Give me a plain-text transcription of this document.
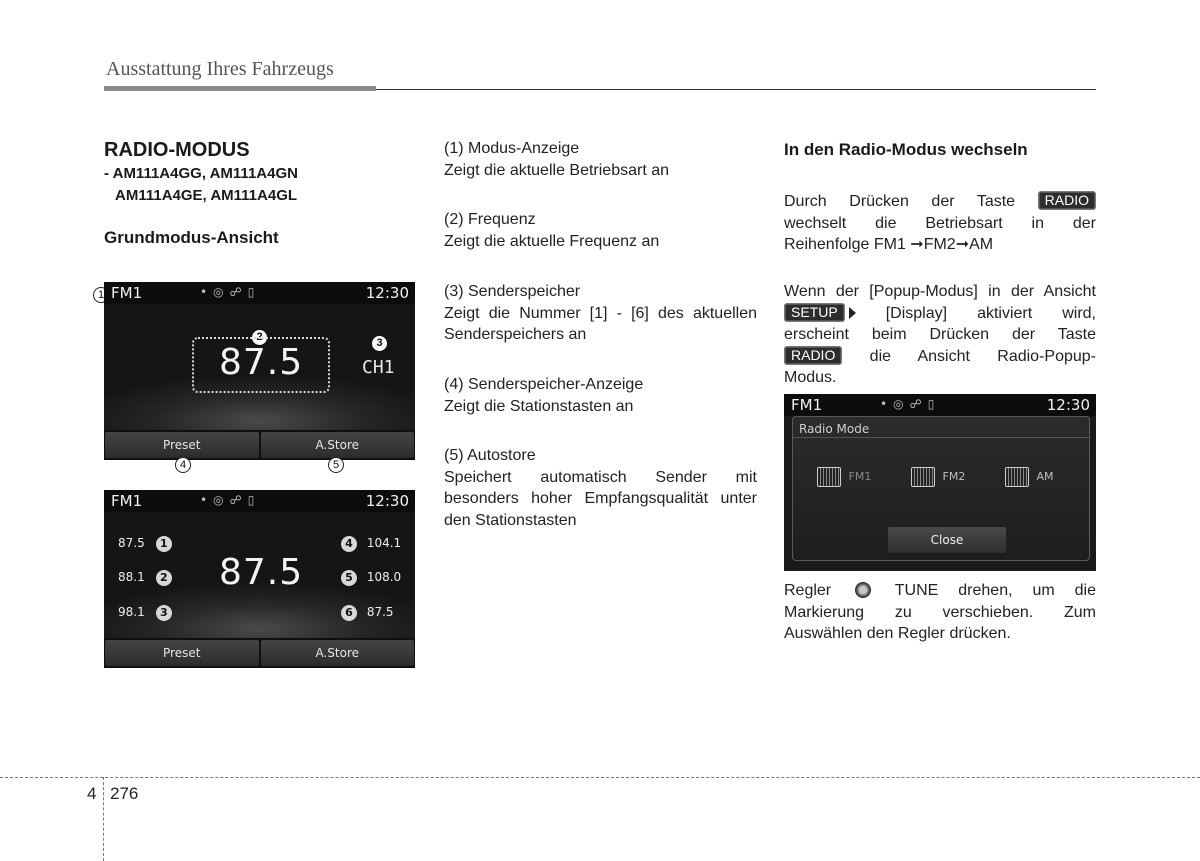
Ausstattung Ihres Fahrzeugs
RADIO-MODUS
- AM111A4GG, AM111A4GN
AM111A4GE, AM111A4GL
Grundmodus-Ansicht
1 FM1	•◎☍▯	12:30
2
87.5	3
CH1
Preset	A.Store
4	5
FM1	•◎☍▯	12:30
87.5 1
88.1 2
98.1 3
87.5
4 104.1
5 108.0
6 87.5
Preset	A.Store
(1) Modus-Anzeige
Zeigt die aktuelle Betriebsart an
(2) Frequenz
Zeigt die aktuelle Frequenz an
(3) Senderspeicher
Zeigt die Nummer [1] - [6] des aktuellen
Senderspeichers an
(4) Senderspeicher-Anzeige
Zeigt die Stationstasten an
(5) Autostore
Speichert automatisch Sender mit
besonders hoher Empfangsqualität unter
den Stationstasten
In den Radio-Modus wechseln
Durch Drücken der Taste RADIO
wechselt die Betriebsart in der
Reihenfolge FM1 ➞FM2➞AM
Wenn der [Popup-Modus] in der Ansicht
SETUP	[Display] aktiviert wird,
erscheint beim Drücken der Taste
RADIO die Ansicht Radio-Popup-
Modus.
FM1	•◎☍▯	12:30
Radio Mode
FM1	FM2	AM
Close
Regler	TUNE drehen, um die
Markierung zu verschieben. Zum
Auswählen den Regler drücken.
4 276
